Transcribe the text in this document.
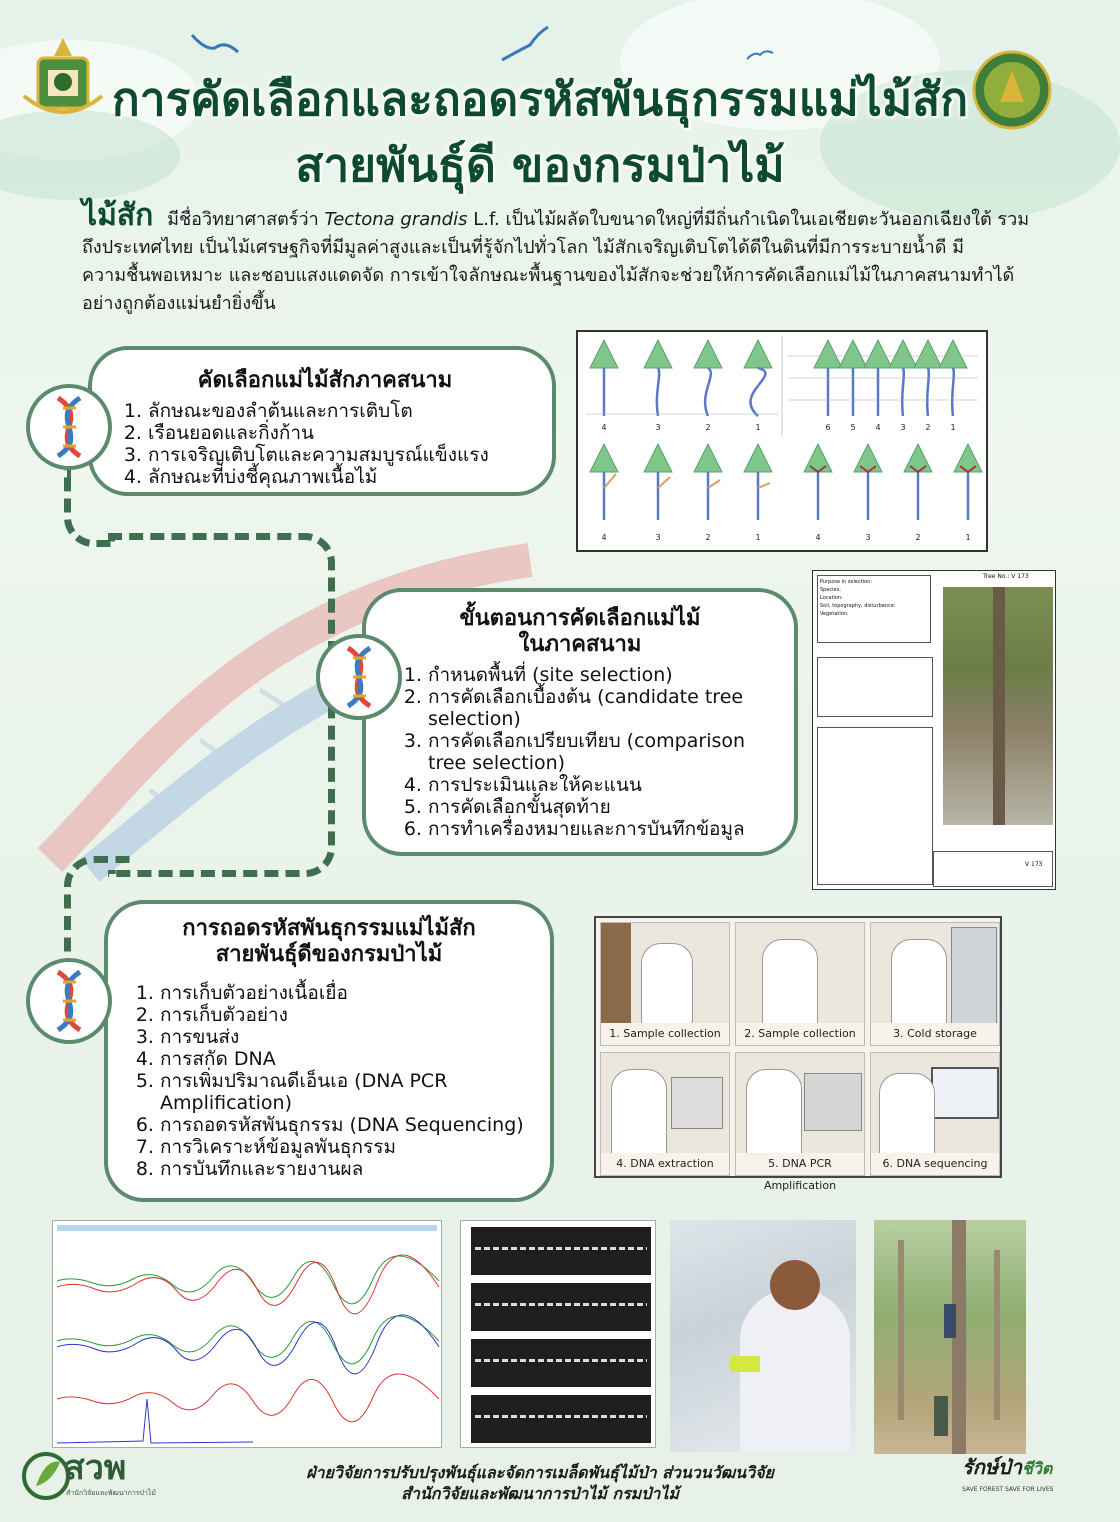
การคัดเลือกและถอดรหัสพันธุกรรมแม่ไม้สัก
สายพันธุ์ดี ของกรมป่าไม้
ไม้สัก มีชื่อวิทยาศาสตร์ว่า Tectona grandis L.f. เป็นไม้ผลัดใบขนาดใหญ่ที่มีถิ่นกำเนิดในเอเชียตะวันออกเฉียงใต้ รวมถึงประเทศไทย เป็นไม้เศรษฐกิจที่มีมูลค่าสูงและเป็นที่รู้จักไปทั่วโลก ไม้สักเจริญเติบโตได้ดีในดินที่มีการระบายน้ำดี มีความชื้นพอเหมาะ และชอบแสงแดดจัด การเข้าใจลักษณะพื้นฐานของไม้สักจะช่วยให้การคัดเลือกแม่ไม้ในภาคสนามทำได้อย่างถูกต้องแม่นยำยิ่งขึ้น
คัดเลือกแม่ไม้สักภาคสนาม
1. ลักษณะของลำต้นและการเติบโต
2. เรือนยอดและกิ่งก้าน
3. การเจริญเติบโตและความสมบูรณ์แข็งแรง
4. ลักษณะที่บ่งชี้คุณภาพเนื้อไม้
4	3	2	1	6 5 4 3 2 1
4	3	2	1	4	3	2	1
ขั้นตอนการคัดเลือกแม่ไม้
ในภาคสนาม
1. กำหนดพื้นที่ (site selection)
2. การคัดเลือกเบื้องต้น (candidate tree selection)
3. การคัดเลือกเปรียบเทียบ (comparison tree selection)
4. การประเมินและให้คะแนน
5. การคัดเลือกขั้นสุดท้าย
6. การทำเครื่องหมายและการบันทึกข้อมูล
Purpose in selection:
Species:
Location:
Soil, topography, disturbance:
Vegetation:
Tree No.: V 173
V 173
การถอดรหัสพันธุกรรมแม่ไม้สัก
สายพันธุ์ดีของกรมป่าไม้
1. การเก็บตัวอย่างเนื้อเยื่อ
2. การเก็บตัวอย่าง
3. การขนส่ง
4. การสกัด DNA
5. การเพิ่มปริมาณดีเอ็นเอ (DNA PCR Amplification)
6. การถอดรหัสพันธุกรรม (DNA Sequencing)
7. การวิเคราะห์ข้อมูลพันธุกรรม
8. การบันทึกและรายงานผล
1. Sample collection	2. Sample collection	3. Cold storage
4. DNA extraction	5. DNA PCR Amplification
6. DNA sequencing
สวพ
สำนักวิจัยและพัฒนาการป่าไม้
ฝ่ายวิจัยการปรับปรุงพันธุ์และจัดการเมล็ดพันธุ์ไม้ป่า ส่วนวนวัฒนวิจัย
สำนักวิจัยและพัฒนาการป่าไม้ กรมป่าไม้
รักษ์ป่าชีวิต
SAVE FOREST SAVE FOR LIVES
